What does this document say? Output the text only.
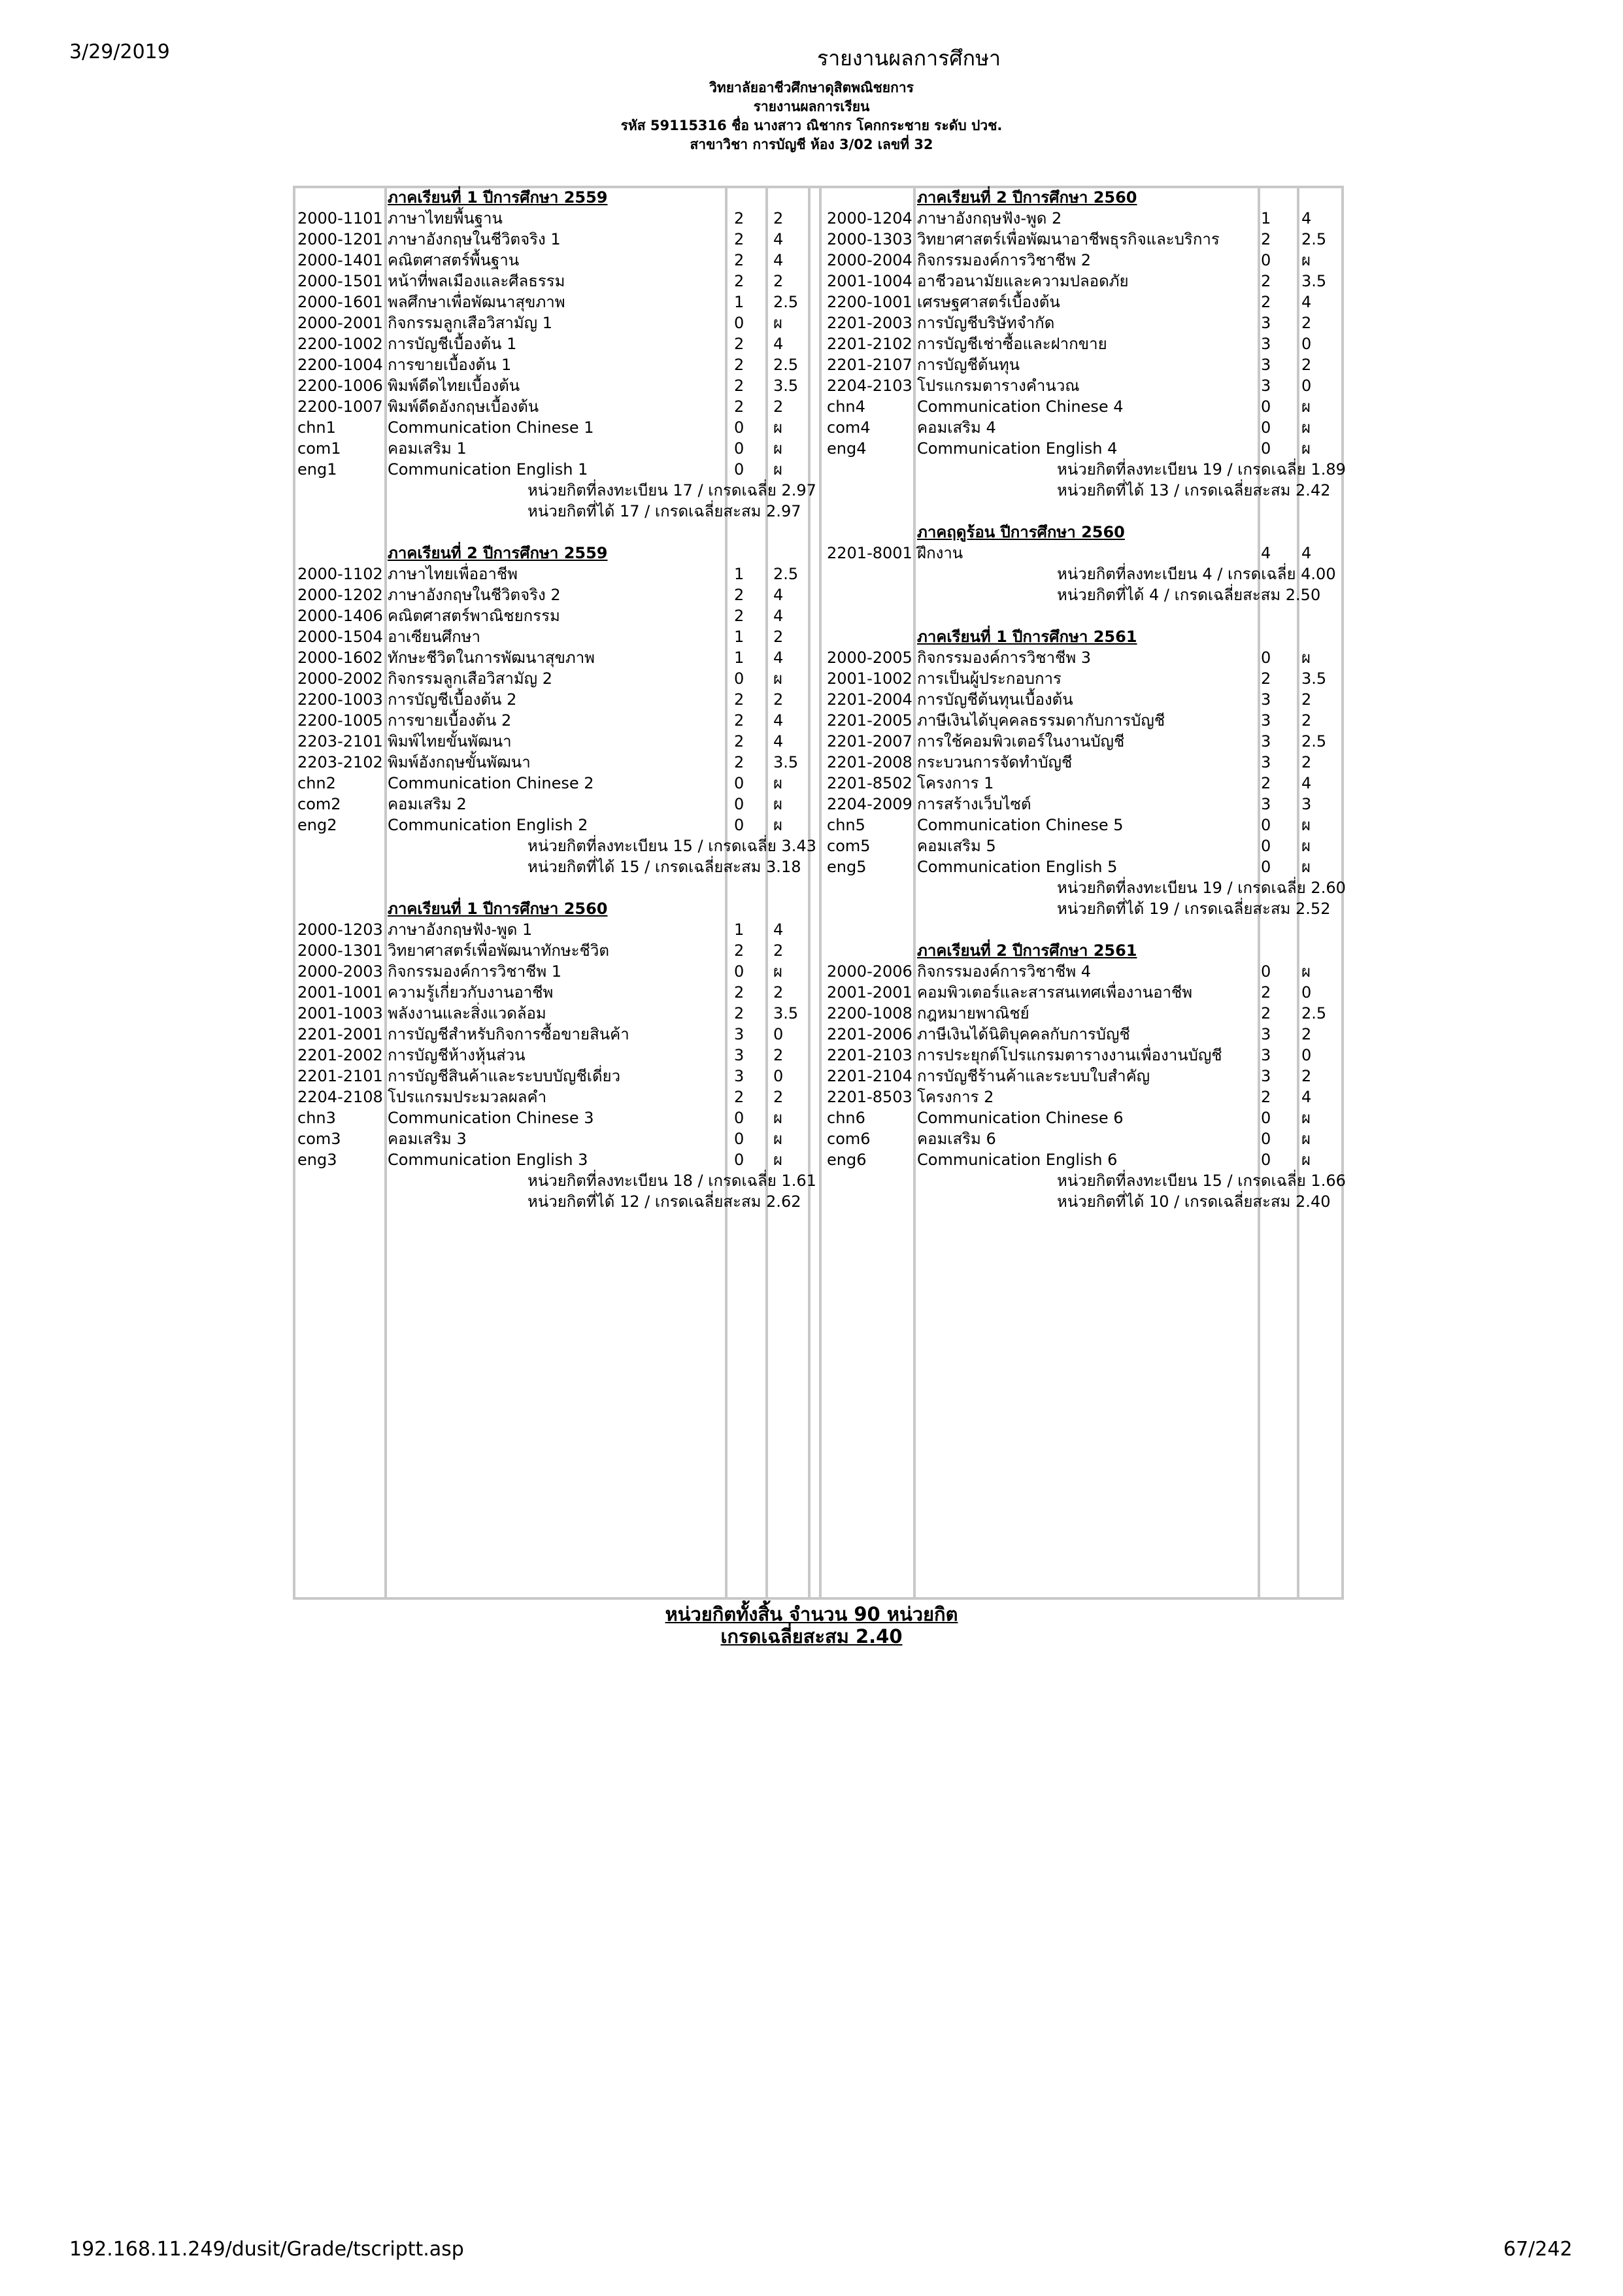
3/29/2019	รายงานผลการศึกษา
วิทยาลัยอาชีวศึกษาดุสิตพณิชยการ
รายงานผลการเรียน
รหัส 59115316 ชื่อ นางสาว ณิชากร โคกกระชาย ระดับ ปวช.
สาขาวิชา การบัญชี ห้อง 3/02 เลขที่ 32
ภาคเรียนที่ 1 ปีการศึกษา 2559
2000-1101 ภาษาไทยพื้นฐาน	2 2
2000-1201 ภาษาอังกฤษในชีวิตจริง 1	2 4
2000-1401 คณิตศาสตร์พื้นฐาน	2 4
2000-1501 หน้าที่พลเมืองและศีลธรรม	2 2
2000-1601 พลศึกษาเพื่อพัฒนาสุขภาพ	1 2.5
2000-2001 กิจกรรมลูกเสือวิสามัญ 1	0 ผ
2200-1002 การบัญชีเบื้องต้น 1	2 4
2200-1004 การขายเบื้องต้น 1	2 2.5
2200-1006 พิมพ์ดีดไทยเบื้องต้น	2 3.5
2200-1007 พิมพ์ดีดอังกฤษเบื้องต้น	2 2
chn1	Communication Chinese 1	0 ผ
com1	คอมเสริม 1	0 ผ
eng1	Communication English 1	0 ผ
หน่วยกิตที่ลงทะเบียน 17 / เกรดเฉลี่ย 2.97
หน่วยกิตที่ได้ 17 / เกรดเฉลี่ยสะสม 2.97
ภาคเรียนที่ 2 ปีการศึกษา 2559
2000-1102 ภาษาไทยเพื่ออาชีพ	1 2.5
2000-1202 ภาษาอังกฤษในชีวิตจริง 2	2 4
2000-1406 คณิตศาสตร์พาณิชยกรรม	2 4
2000-1504 อาเซียนศึกษา	1 2
2000-1602 ทักษะชีวิตในการพัฒนาสุขภาพ	1 4
2000-2002 กิจกรรมลูกเสือวิสามัญ 2	0 ผ
2200-1003 การบัญชีเบื้องต้น 2	2 2
2200-1005 การขายเบื้องต้น 2	2 4
2203-2101 พิมพ์ไทยขั้นพัฒนา	2 4
2203-2102 พิมพ์อังกฤษขั้นพัฒนา	2 3.5
chn2	Communication Chinese 2	0 ผ
com2	คอมเสริม 2	0 ผ
eng2	Communication English 2	0 ผ
หน่วยกิตที่ลงทะเบียน 15 / เกรดเฉลี่ย 3.43
หน่วยกิตที่ได้ 15 / เกรดเฉลี่ยสะสม 3.18
ภาคเรียนที่ 1 ปีการศึกษา 2560
2000-1203 ภาษาอังกฤษฟัง-พูด 1	1 4
2000-1301 วิทยาศาสตร์เพื่อพัฒนาทักษะชีวิต	2 2
2000-2003 กิจกรรมองค์การวิชาชีพ 1	0 ผ
2001-1001 ความรู้เกี่ยวกับงานอาชีพ	2 2
2001-1003 พลังงานและสิ่งแวดล้อม	2 3.5
2201-2001 การบัญชีสำหรับกิจการซื้อขายสินค้า	3 0
2201-2002 การบัญชีห้างหุ้นส่วน	3 2
2201-2101 การบัญชีสินค้าและระบบบัญชีเดี่ยว	3 0
2204-2108 โปรแกรมประมวลผลคำ	2 2
chn3	Communication Chinese 3	0 ผ
com3	คอมเสริม 3	0 ผ
eng3	Communication English 3	0 ผ
หน่วยกิตที่ลงทะเบียน 18 / เกรดเฉลี่ย 1.61
หน่วยกิตที่ได้ 12 / เกรดเฉลี่ยสะสม 2.62
ภาคเรียนที่ 2 ปีการศึกษา 2560
2000-1204 ภาษาอังกฤษฟัง-พูด 2	1 4
2000-1303 วิทยาศาสตร์เพื่อพัฒนาอาชีพธุรกิจและบริการ	2 2.5
2000-2004 กิจกรรมองค์การวิชาชีพ 2	0 ผ
2001-1004 อาชีวอนามัยและความปลอดภัย	2 3.5
2200-1001 เศรษฐศาสตร์เบื้องต้น	2 4
2201-2003 การบัญชีบริษัทจำกัด	3 2
2201-2102 การบัญชีเช่าซื้อและฝากขาย	3 0
2201-2107 การบัญชีต้นทุน	3 2
2204-2103 โปรแกรมตารางคำนวณ	3 0
chn4	Communication Chinese 4	0 ผ
com4	คอมเสริม 4	0 ผ
eng4	Communication English 4	0 ผ
หน่วยกิตที่ลงทะเบียน 19 / เกรดเฉลี่ย 1.89
หน่วยกิตที่ได้ 13 / เกรดเฉลี่ยสะสม 2.42
ภาคฤดูร้อน ปีการศึกษา 2560
2201-8001 ฝึกงาน	4 4
หน่วยกิตที่ลงทะเบียน 4 / เกรดเฉลี่ย 4.00
หน่วยกิตที่ได้ 4 / เกรดเฉลี่ยสะสม 2.50
ภาคเรียนที่ 1 ปีการศึกษา 2561
2000-2005 กิจกรรมองค์การวิชาชีพ 3	0 ผ
2001-1002 การเป็นผู้ประกอบการ	2 3.5
2201-2004 การบัญชีต้นทุนเบื้องต้น	3 2
2201-2005 ภาษีเงินได้บุคคลธรรมดากับการบัญชี	3 2
2201-2007 การใช้คอมพิวเตอร์ในงานบัญชี	3 2.5
2201-2008 กระบวนการจัดทำบัญชี	3 2
2201-8502 โครงการ 1	2 4
2204-2009 การสร้างเว็บไซต์	3 3
chn5	Communication Chinese 5	0 ผ
com5	คอมเสริม 5	0 ผ
eng5	Communication English 5	0 ผ
หน่วยกิตที่ลงทะเบียน 19 / เกรดเฉลี่ย 2.60
หน่วยกิตที่ได้ 19 / เกรดเฉลี่ยสะสม 2.52
ภาคเรียนที่ 2 ปีการศึกษา 2561
2000-2006 กิจกรรมองค์การวิชาชีพ 4	0 ผ
2001-2001 คอมพิวเตอร์และสารสนเทศเพื่องานอาชีพ	2 0
2200-1008 กฎหมายพาณิชย์	2 2.5
2201-2006 ภาษีเงินได้นิติบุคคลกับการบัญชี	3 2
2201-2103 การประยุกต์โปรแกรมตารางงานเพื่องานบัญชี 3 0
2201-2104 การบัญชีร้านค้าและระบบใบสำคัญ	3 2
2201-8503 โครงการ 2	2 4
chn6	Communication Chinese 6	0 ผ
com6	คอมเสริม 6	0 ผ
eng6	Communication English 6	0 ผ
หน่วยกิตที่ลงทะเบียน 15 / เกรดเฉลี่ย 1.66
หน่วยกิตที่ได้ 10 / เกรดเฉลี่ยสะสม 2.40
หน่วยกิตทั้งสิ้น จำนวน 90 หน่วยกิต
เกรดเฉลี่ยสะสม 2.40
192.168.11.249/dusit/Grade/tscriptt.asp	67/242
